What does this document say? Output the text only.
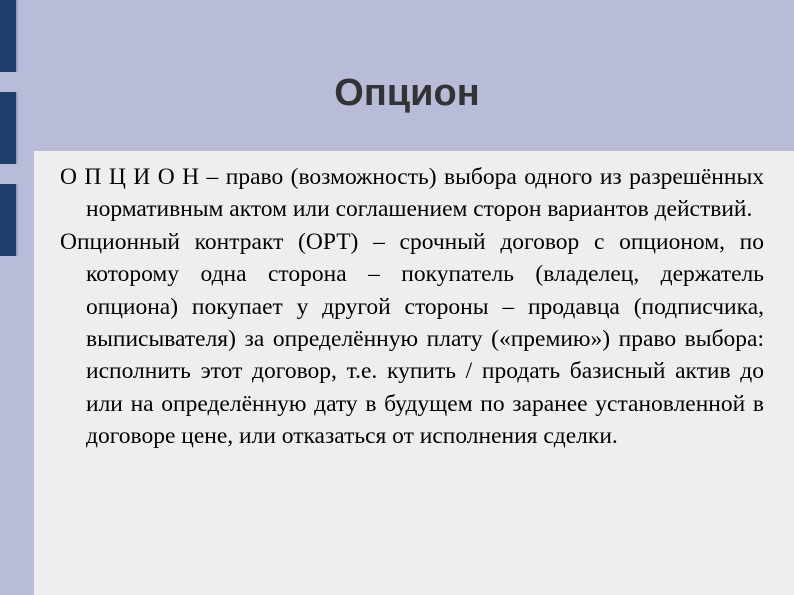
Опцион

О П Ц И О Н – право (возможность) выбора одного из разрешённых нормативным актом или соглашением сторон вариантов действий.

Опционный контракт (ОРТ) – срочный договор с опционом, по которому одна сторона – покупатель (владелец, держатель опциона) покупает у другой стороны – продавца (подписчика, выписывателя) за определённую плату («премию») право выбора: исполнить этот договор, т.е. купить / продать базисный актив до или на определённую дату в будущем по заранее установленной в договоре цене, или отказаться от исполнения сделки.
